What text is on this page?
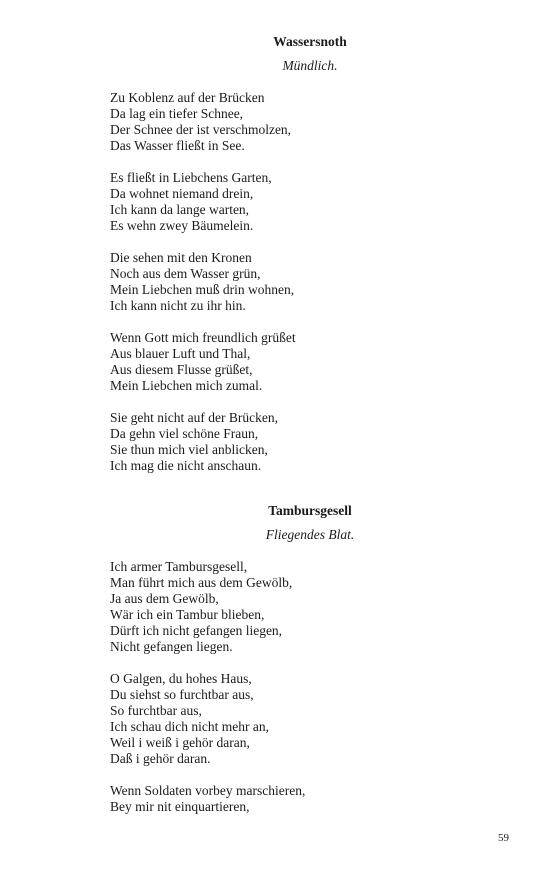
Wassersnoth
Mündlich.
Zu Koblenz auf der Brücken
Da lag ein tiefer Schnee,
Der Schnee der ist verschmolzen,
Das Wasser fließt in See.
Es fließt in Liebchens Garten,
Da wohnet niemand drein,
Ich kann da lange warten,
Es wehn zwey Bäumelein.
Die sehen mit den Kronen
Noch aus dem Wasser grün,
Mein Liebchen muß drin wohnen,
Ich kann nicht zu ihr hin.
Wenn Gott mich freundlich grüßet
Aus blauer Luft und Thal,
Aus diesem Flusse grüßet,
Mein Liebchen mich zumal.
Sie geht nicht auf der Brücken,
Da gehn viel schöne Fraun,
Sie thun mich viel anblicken,
Ich mag die nicht anschaun.
Tambursgesell
Fliegendes Blat.
Ich armer Tambursgesell,
Man führt mich aus dem Gewölb,
Ja aus dem Gewölb,
Wär ich ein Tambur blieben,
Dürft ich nicht gefangen liegen,
Nicht gefangen liegen.
O Galgen, du hohes Haus,
Du siehst so furchtbar aus,
So furchtbar aus,
Ich schau dich nicht mehr an,
Weil i weiß i gehör daran,
Daß i gehör daran.
Wenn Soldaten vorbey marschieren,
Bey mir nit einquartieren,
59
